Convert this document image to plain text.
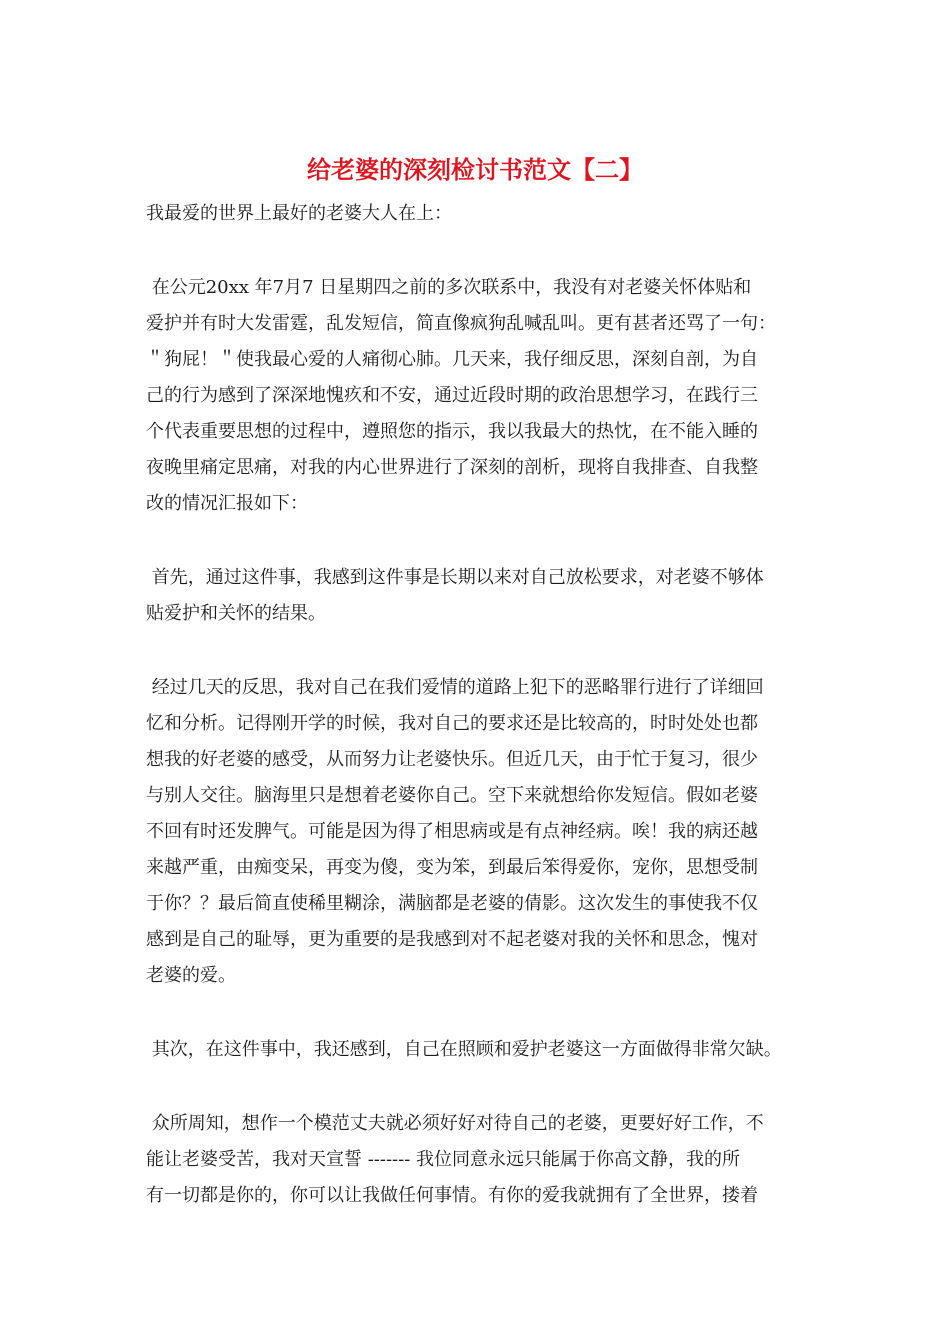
给老婆的深刻检讨书范文【二】
我最爱的世界上最好的老婆大人在上：
在公元20xx 年7月7 日星期四之前的多次联系中，我没有对老婆关怀体贴和
爱护并有时大发雷霆，乱发短信，简直像疯狗乱喊乱叫。更有甚者还骂了一句：
＂狗屁！＂使我最心爱的人痛彻心肺。几天来，我仔细反思，深刻自剖，为自
己的行为感到了深深地愧疚和不安，通过近段时期的政治思想学习，在践行三
个代表重要思想的过程中，遵照您的指示，我以我最大的热忱，在不能入睡的
夜晚里痛定思痛，对我的内心世界进行了深刻的剖析，现将自我排查、自我整
改的情况汇报如下：
首先，通过这件事，我感到这件事是长期以来对自己放松要求，对老婆不够体
贴爱护和关怀的结果。
经过几天的反思，我对自己在我们爱情的道路上犯下的恶略罪行进行了详细回
忆和分析。记得刚开学的时候，我对自己的要求还是比较高的，时时处处也都
想我的好老婆的感受，从而努力让老婆快乐。但近几天，由于忙于复习，很少
与别人交往。脑海里只是想着老婆你自己。空下来就想给你发短信。假如老婆
不回有时还发脾气。可能是因为得了相思病或是有点神经病。唉！我的病还越
来越严重，由痴变呆，再变为傻，变为笨，到最后笨得爱你，宠你，思想受制
于你？？最后简直使稀里糊涂，满脑都是老婆的倩影。这次发生的事使我不仅
感到是自己的耻辱，更为重要的是我感到对不起老婆对我的关怀和思念，愧对
老婆的爱。
其次，在这件事中，我还感到，自己在照顾和爱护老婆这一方面做得非常欠缺。
众所周知，想作一个模范丈夫就必须好好对待自己的老婆，更要好好工作，不
能让老婆受苦，我对天宣誓 ------- 我位同意永远只能属于你高文静，我的所
有一切都是你的，你可以让我做任何事情。有你的爱我就拥有了全世界，搂着
